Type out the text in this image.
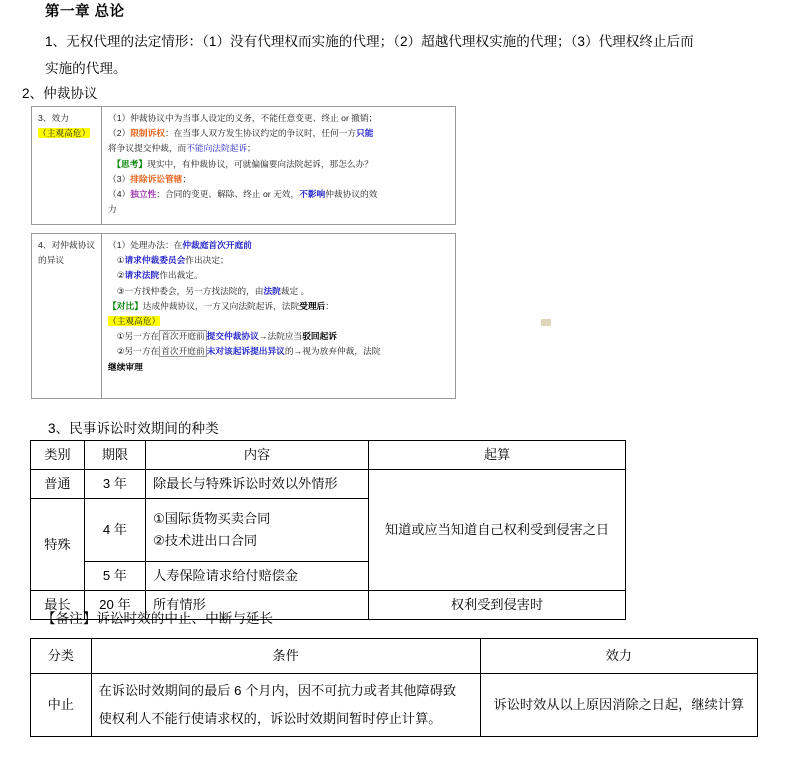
第一章 总论
1、无权代理的法定情形：（1）没有代理权而实施的代理；（2）超越代理权实施的代理；（3）代理权终止后而
实施的代理。
2、仲裁协议
3、效力
（主观高危）
（1）仲裁协议中为当事人设定的义务，不能任意变更、终止 or 撤销；
（2）限制诉权：在当事人双方发生协议约定的争议时，任何一方只能
将争议提交仲裁，而不能向法院起诉；
　【思考】现实中，有仲裁协议，可就偏偏要向法院起诉，那怎么办？
（3）排除诉讼管辖；
（4）独立性：合同的变更、解除、终止 or 无效，不影响仲裁协议的效
力
4、对仲裁协议
的异议
（1）处理办法：在仲裁庭首次开庭前
　①请求仲裁委员会作出决定；
　②请求法院作出裁定。
　③一方找仲委会，另一方找法院的，由法院裁定 。
【对比】达成仲裁协议，一方又向法院起诉，法院受理后：
（主观高危）
　①另一方在 首次开庭前 提交仲裁协议→法院应当驳回起诉
　②另一方在 首次开庭前 未对该起诉提出异议的→视为放弃仲裁，法院
继续审理
3、民事诉讼时效期间的种类
类别	期限	内容	起算
普通	3 年	除最长与特殊诉讼时效以外情形	知道或应当知道自己权利受到侵害之日
特殊	4 年	①国际货物买卖合同
②技术进出口合同	

	5 年	人寿保险请求给付赔偿金	
最长	20 年	所有情形	权利受到侵害时
【备注】诉讼时效的中止、中断与延长
分类	条件	效力
中止	在诉讼时效期间的最后 6 个月内，因不可抗力或者其他障碍致
使权利人不能行使请求权的，诉讼时效期间暂时停止计算。	诉讼时效从以上原因消除之日起，继续计算
